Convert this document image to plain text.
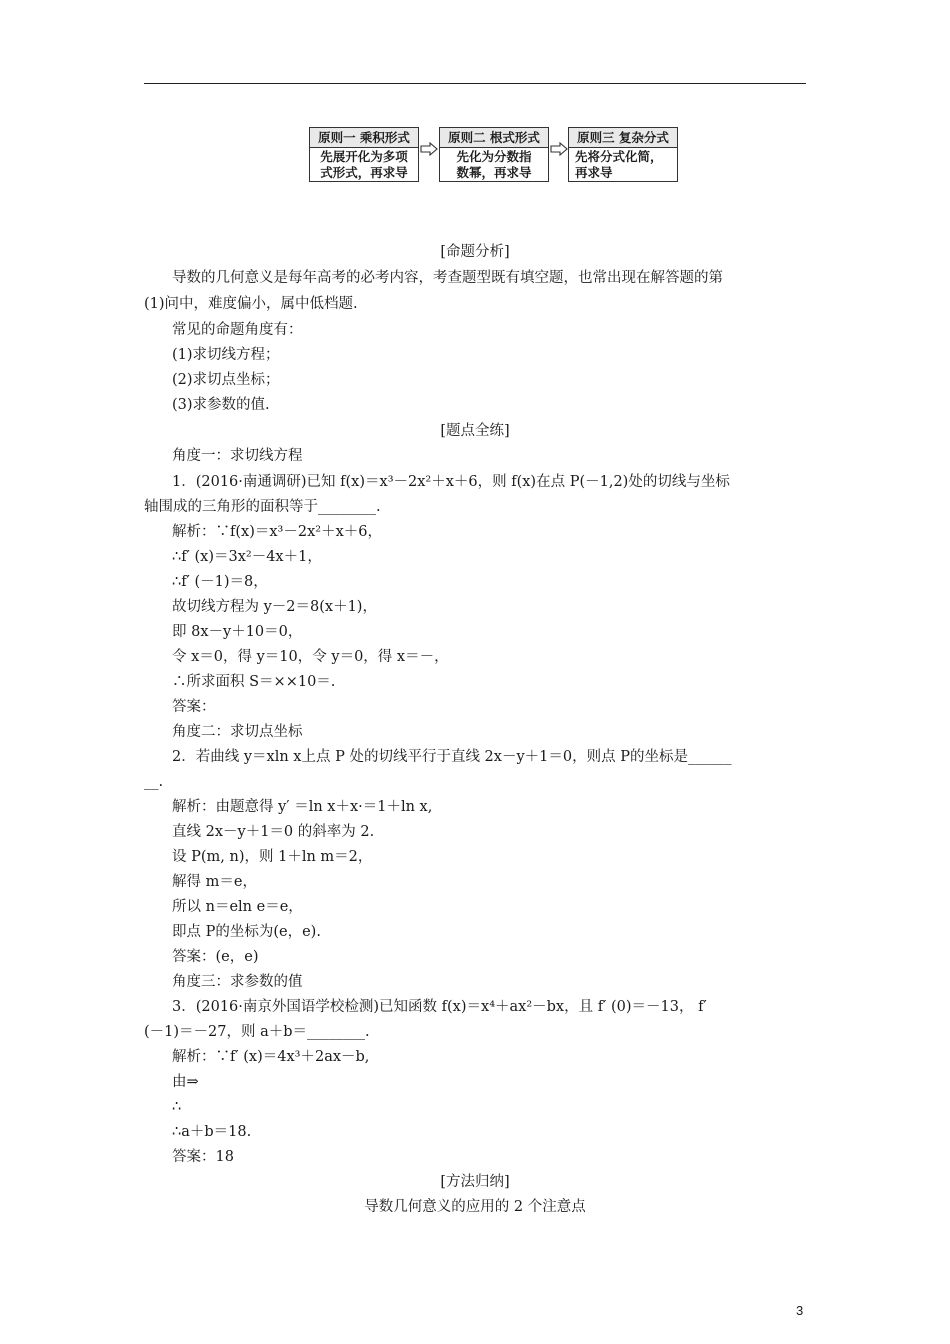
原则一 乘积形式
先展开化为多项
式形式，再求导
原则二 根式形式
先化为分数指
数幂，再求导
原则三 复杂分式
先将分式化简，
再求导
[命题分析]
导数的几何意义是每年高考的必考内容，考查题型既有填空题，也常出现在解答题的第
(1)问中，难度偏小，属中低档题.
常见的命题角度有：
(1)求切线方程；
(2)求切点坐标；
(3)求参数的值.
[题点全练]
角度一：求切线方程
1．(2016·南通调研)已知 f(x)＝x³－2x²＋x＋6，则 f(x)在点 P(－1,2)处的切线与坐标
轴围成的三角形的面积等于________.
解析：∵f(x)＝x³－2x²＋x＋6，
∴f′ (x)＝3x²－4x＋1，
∴f′ (－1)＝8，
故切线方程为 y－2＝8(x＋1)，
即 8x－y＋10＝0，
令 x＝0，得 y＝10，令 y＝0，得 x＝－，
∴所求面积 S＝××10＝.
答案：
角度二：求切点坐标
2．若曲线 y＝xln x上点 P 处的切线平行于直线 2x－y＋1＝0，则点 P的坐标是______
__.
解析：由题意得 y′ ＝ln x＋x·＝1＋ln x,
直线 2x－y＋1＝0 的斜率为 2.
设 P(m, n)，则 1＋ln m＝2，
解得 m＝e，
所以 n＝eln e＝e，
即点 P的坐标为(e，e).
答案：(e，e)
角度三：求参数的值
3．(2016·南京外国语学校检测)已知函数 f(x)＝x⁴＋ax²－bx，且 f′ (0)＝－13， f′
(－1)＝－27，则 a＋b＝________.
解析：∵f′ (x)＝4x³＋2ax－b,
由⇒
∴
∴a＋b＝18.
答案：18
[方法归纳]
导数几何意义的应用的 2 个注意点
3
